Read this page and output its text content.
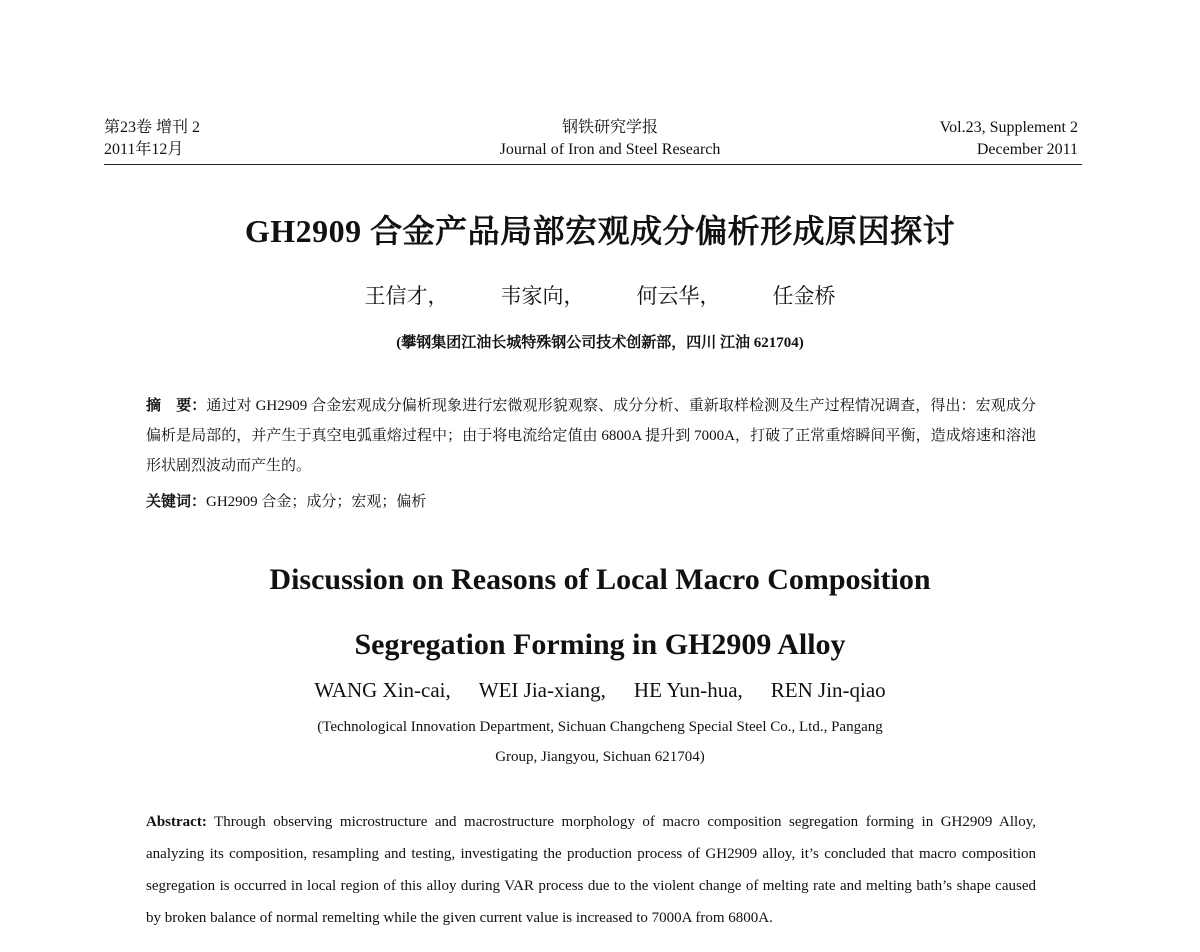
第23卷 增刊 2
2011年12月
钢铁研究学报
Journal of Iron and Steel Research
Vol.23, Supplement 2
December 2011
GH2909 合金产品局部宏观成分偏析形成原因探讨
王信才， 韦家向， 何云华， 任金桥
(攀钢集团江油长城特殊钢公司技术创新部，四川 江油 621704)
摘　要：通过对 GH2909 合金宏观成分偏析现象进行宏微观形貌观察、成分分析、重新取样检测及生产过程情况调查，得出：宏观成分偏析是局部的，并产生于真空电弧重熔过程中；由于将电流给定值由 6800A 提升到 7000A，打破了正常重熔瞬间平衡，造成熔速和溶池形状剧烈波动而产生的。
关键词：GH2909 合金；成分；宏观；偏析
Discussion on Reasons of Local Macro Composition
Segregation Forming in GH2909 Alloy
WANG Xin-cai, WEI Jia-xiang, HE Yun-hua, REN Jin-qiao
(Technological Innovation Department, Sichuan Changcheng Special Steel Co., Ltd., Pangang
Group, Jiangyou, Sichuan 621704)
Abstract: Through observing microstructure and macrostructure morphology of macro composition segregation forming in GH2909 Alloy, analyzing its composition, resampling and testing, investigating the production process of GH2909 alloy, it’s concluded that macro composition segregation is occurred in local region of this alloy during VAR process due to the violent change of melting rate and melting bath’s shape caused by broken balance of normal remelting while the given current value is increased to 7000A from 6800A.
